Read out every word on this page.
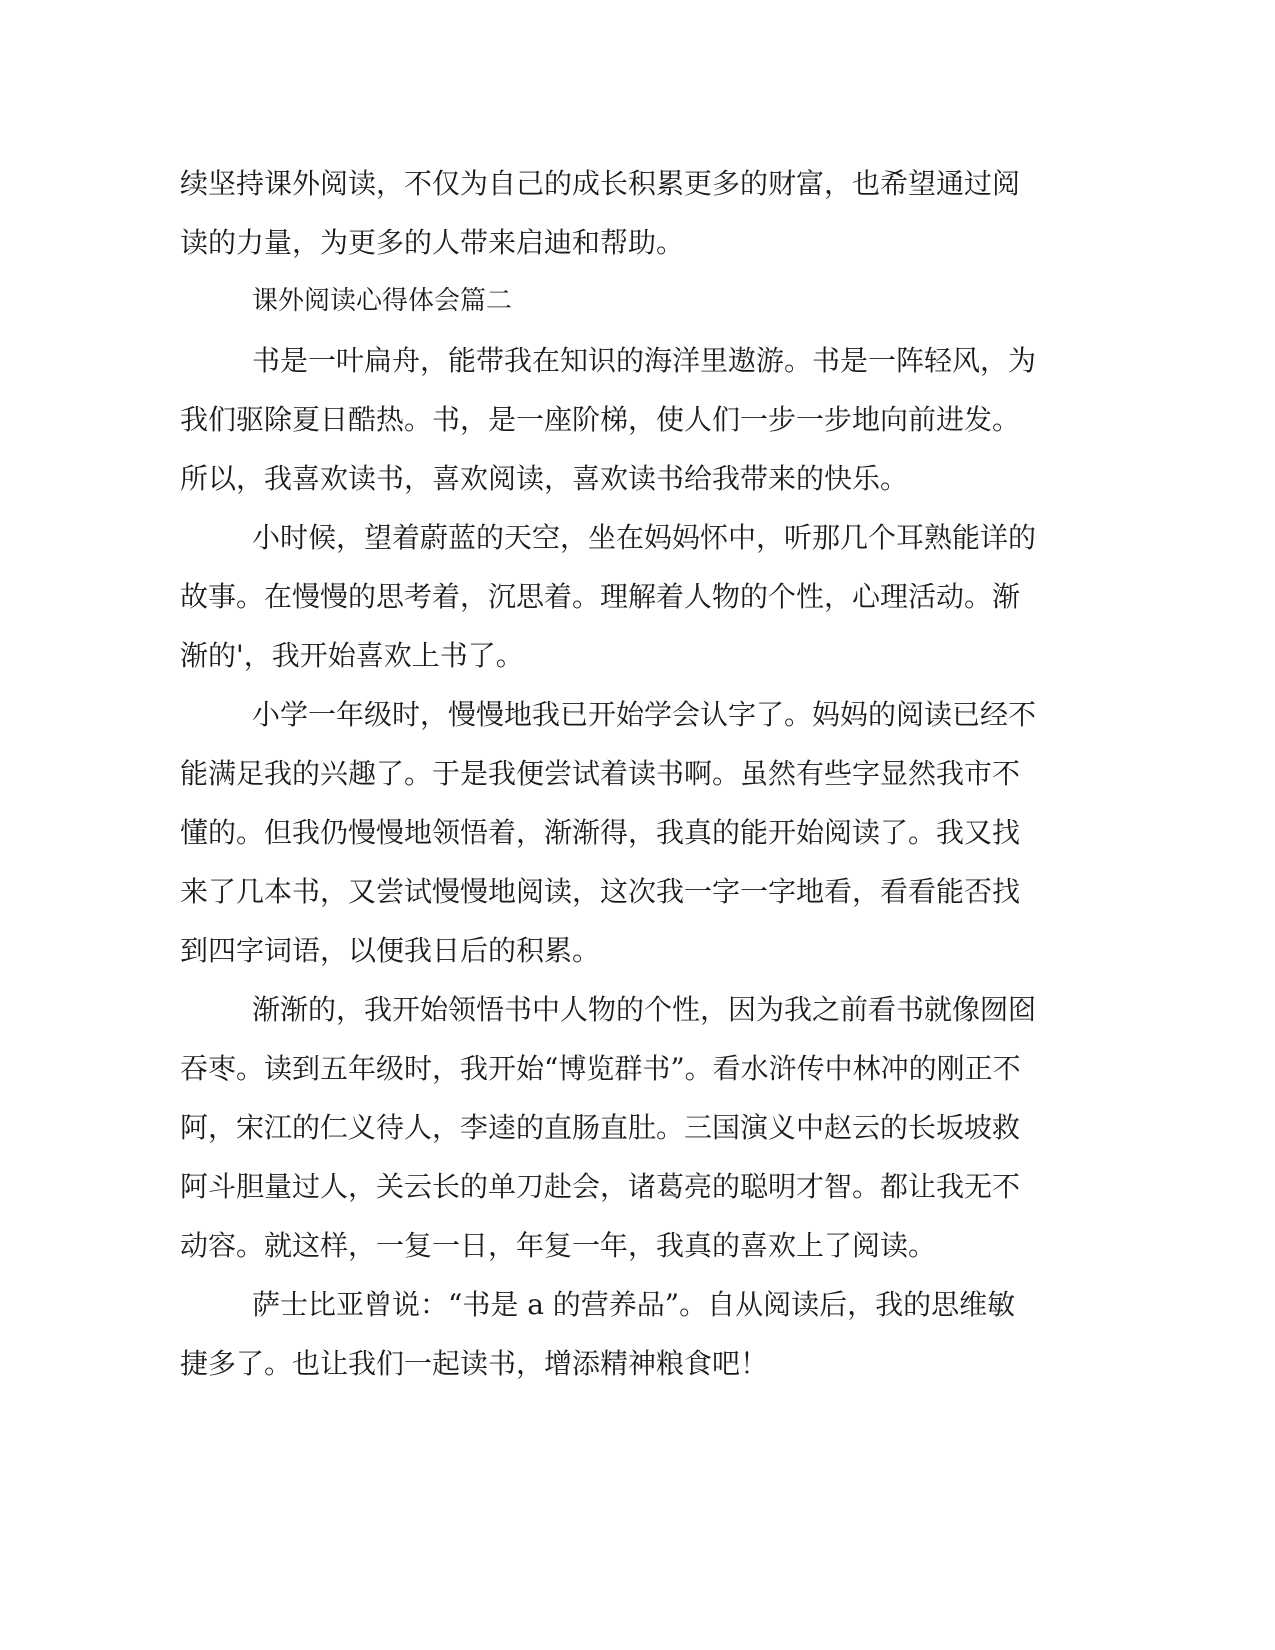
续坚持课外阅读，不仅为自己的成长积累更多的财富，也希望通过阅读的力量，为更多的人带来启迪和帮助。

课外阅读心得体会篇二

书是一叶扁舟，能带我在知识的海洋里遨游。书是一阵轻风，为我们驱除夏日酷热。书，是一座阶梯，使人们一步一步地向前进发。所以，我喜欢读书，喜欢阅读，喜欢读书给我带来的快乐。

小时候，望着蔚蓝的天空，坐在妈妈怀中，听那几个耳熟能详的故事。在慢慢的思考着，沉思着。理解着人物的个性，心理活动。渐渐的'，我开始喜欢上书了。

小学一年级时，慢慢地我已开始学会认字了。妈妈的阅读已经不能满足我的兴趣了。于是我便尝试着读书啊。虽然有些字显然我市不懂的。但我仍慢慢地领悟着，渐渐得，我真的能开始阅读了。我又找来了几本书，又尝试慢慢地阅读，这次我一字一字地看，看看能否找到四字词语，以便我日后的积累。

渐渐的，我开始领悟书中人物的个性，因为我之前看书就像囫囵吞枣。读到五年级时，我开始“博览群书”。看水浒传中林冲的刚正不阿，宋江的仁义待人，李逵的直肠直肚。三国演义中赵云的长坂坡救阿斗胆量过人，关云长的单刀赴会，诸葛亮的聪明才智。都让我无不动容。就这样，一复一日，年复一年，我真的喜欢上了阅读。

萨士比亚曾说：“书是 a 的营养品”。自从阅读后，我的思维敏捷多了。也让我们一起读书，增添精神粮食吧！
